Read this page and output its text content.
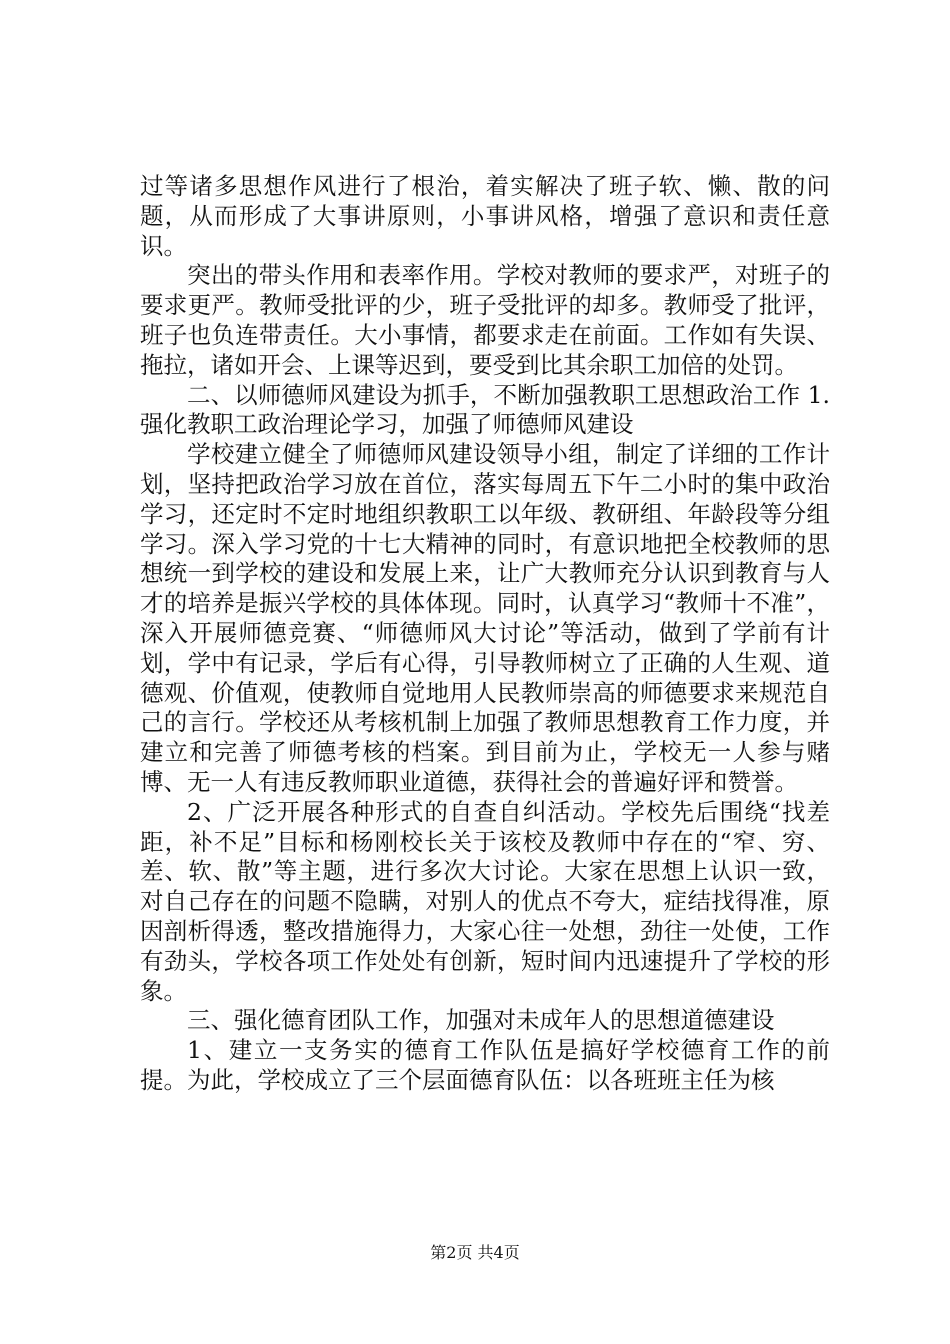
过等诸多思想作风进行了根治，着实解决了班子软、懒、散的问题，从而形成了大事讲原则，小事讲风格，增强了意识和责任意识。

突出的带头作用和表率作用。学校对教师的要求严，对班子的要求更严。教师受批评的少，班子受批评的却多。教师受了批评，班子也负连带责任。大小事情，都要求走在前面。工作如有失误、拖拉，诸如开会、上课等迟到，要受到比其余职工加倍的处罚。

二、以师德师风建设为抓手，不断加强教职工思想政治工作 1.强化教职工政治理论学习，加强了师德师风建设

学校建立健全了师德师风建设领导小组，制定了详细的工作计划，坚持把政治学习放在首位，落实每周五下午二小时的集中政治学习，还定时不定时地组织教职工以年级、教研组、年龄段等分组学习。深入学习党的十七大精神的同时，有意识地把全校教师的思想统一到学校的建设和发展上来，让广大教师充分认识到教育与人才的培养是振兴学校的具体体现。同时，认真学习“教师十不准”，深入开展师德竞赛、“师德师风大讨论”等活动，做到了学前有计划，学中有记录，学后有心得，引导教师树立了正确的人生观、道德观、价值观，使教师自觉地用人民教师崇高的师德要求来规范自己的言行。学校还从考核机制上加强了教师思想教育工作力度，并建立和完善了师德考核的档案。到目前为止，学校无一人参与赌博、无一人有违反教师职业道德，获得社会的普遍好评和赞誉。

2、广泛开展各种形式的自查自纠活动。学校先后围绕“找差距，补不足”目标和杨刚校长关于该校及教师中存在的“窄、穷、差、软、散”等主题，进行多次大讨论。大家在思想上认识一致，对自己存在的问题不隐瞒，对别人的优点不夸大，症结找得准，原因剖析得透，整改措施得力，大家心往一处想，劲往一处使，工作有劲头，学校各项工作处处有创新，短时间内迅速提升了学校的形象。

三、强化德育团队工作，加强对未成年人的思想道德建设

1、建立一支务实的德育工作队伍是搞好学校德育工作的前提。为此，学校成立了三个层面德育队伍：以各班班主任为核

第2页 共4页
